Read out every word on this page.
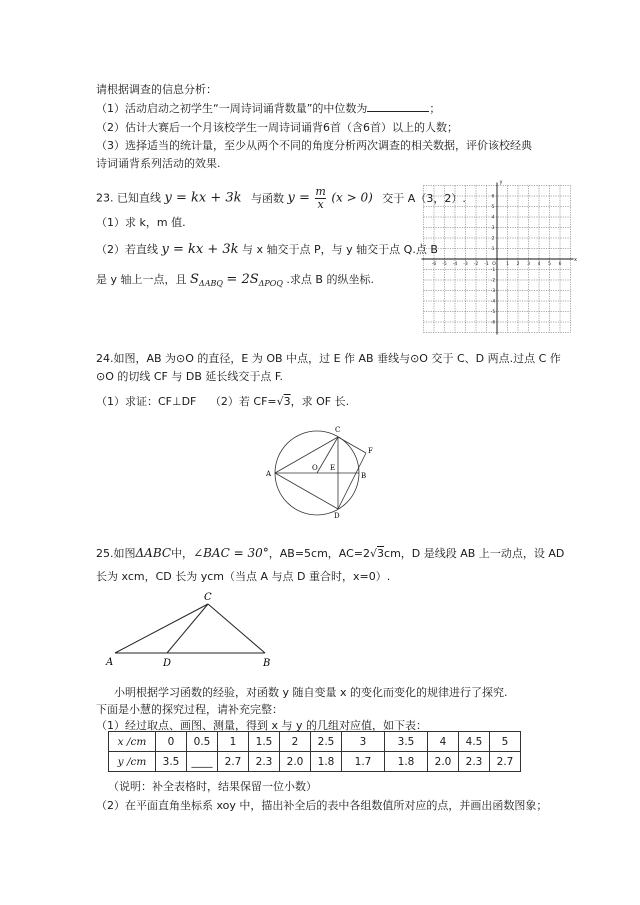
请根据调查的信息分析：
（1）活动启动之初学生“一周诗词诵背数量”的中位数为	；
（2）估计大赛后一个月该校学生一周诗词诵背6首（含6首）以上的人数；
（3）选择适当的统计量，至少从两个不同的角度分析两次调查的相关数据，评价该校经典
诗词诵背系列活动的效果.
23. 已知直线 y = kx + 3k 与函数 $y = \frac{m}{x} (x > 0)$ 交于 A（3，2）.
（1）求 k，m 值.
（2）若直线 y = kx + 3k 与 x 轴交于点 P，与 y 轴交于点 Q.点 B
是 y 轴上一点，且 $S_{\Delta ABQ} = 2S_{\Delta POQ}$ .求点 B 的纵坐标.
-6 -5 -4 -3 -2 -1	1 2 3 4 5 6
6
5
4
3
2
1
-1
-2
-3
-4
-5
-6
O
x
y
24.如图，AB 为⊙O 的直径，E 为 OB 中点，过 E 作 AB 垂线与⊙O 交于 C、D 两点.过点 C 作
⊙O 的切线 CF 与 DB 延长线交于点 F.
（1）求证：CF⊥DF （2）若 CF=√3，求 OF 长.
A	B
C
D
E
F
O
25.如图ΔABC中，∠BAC = 30°，AB=5cm，AC=2√3cm，D 是线段 AB 上一动点，设 AD
长为 xcm，CD 长为 ycm（当点 A 与点 D 重合时，x=0）.
A	B
C
D
小明根据学习函数的经验，对函数 y 随自变量 x 的变化而变化的规律进行了探究.
下面是小慧的探究过程，请补充完整：
（1）经过取点、画图、测量，得到 x 与 y 的几组对应值，如下表：
x /cm	0	0.5	1	1.5	2	2.5	3	3.5	4	4.5	5
y /cm	3.5	____	2.7	2.3	2.0	1.8	1.7	1.8	2.0	2.3	2.7
（说明：补全表格时，结果保留一位小数）
（2）在平面直角坐标系 xoy 中，描出补全后的表中各组数值所对应的点，并画出函数图象；
